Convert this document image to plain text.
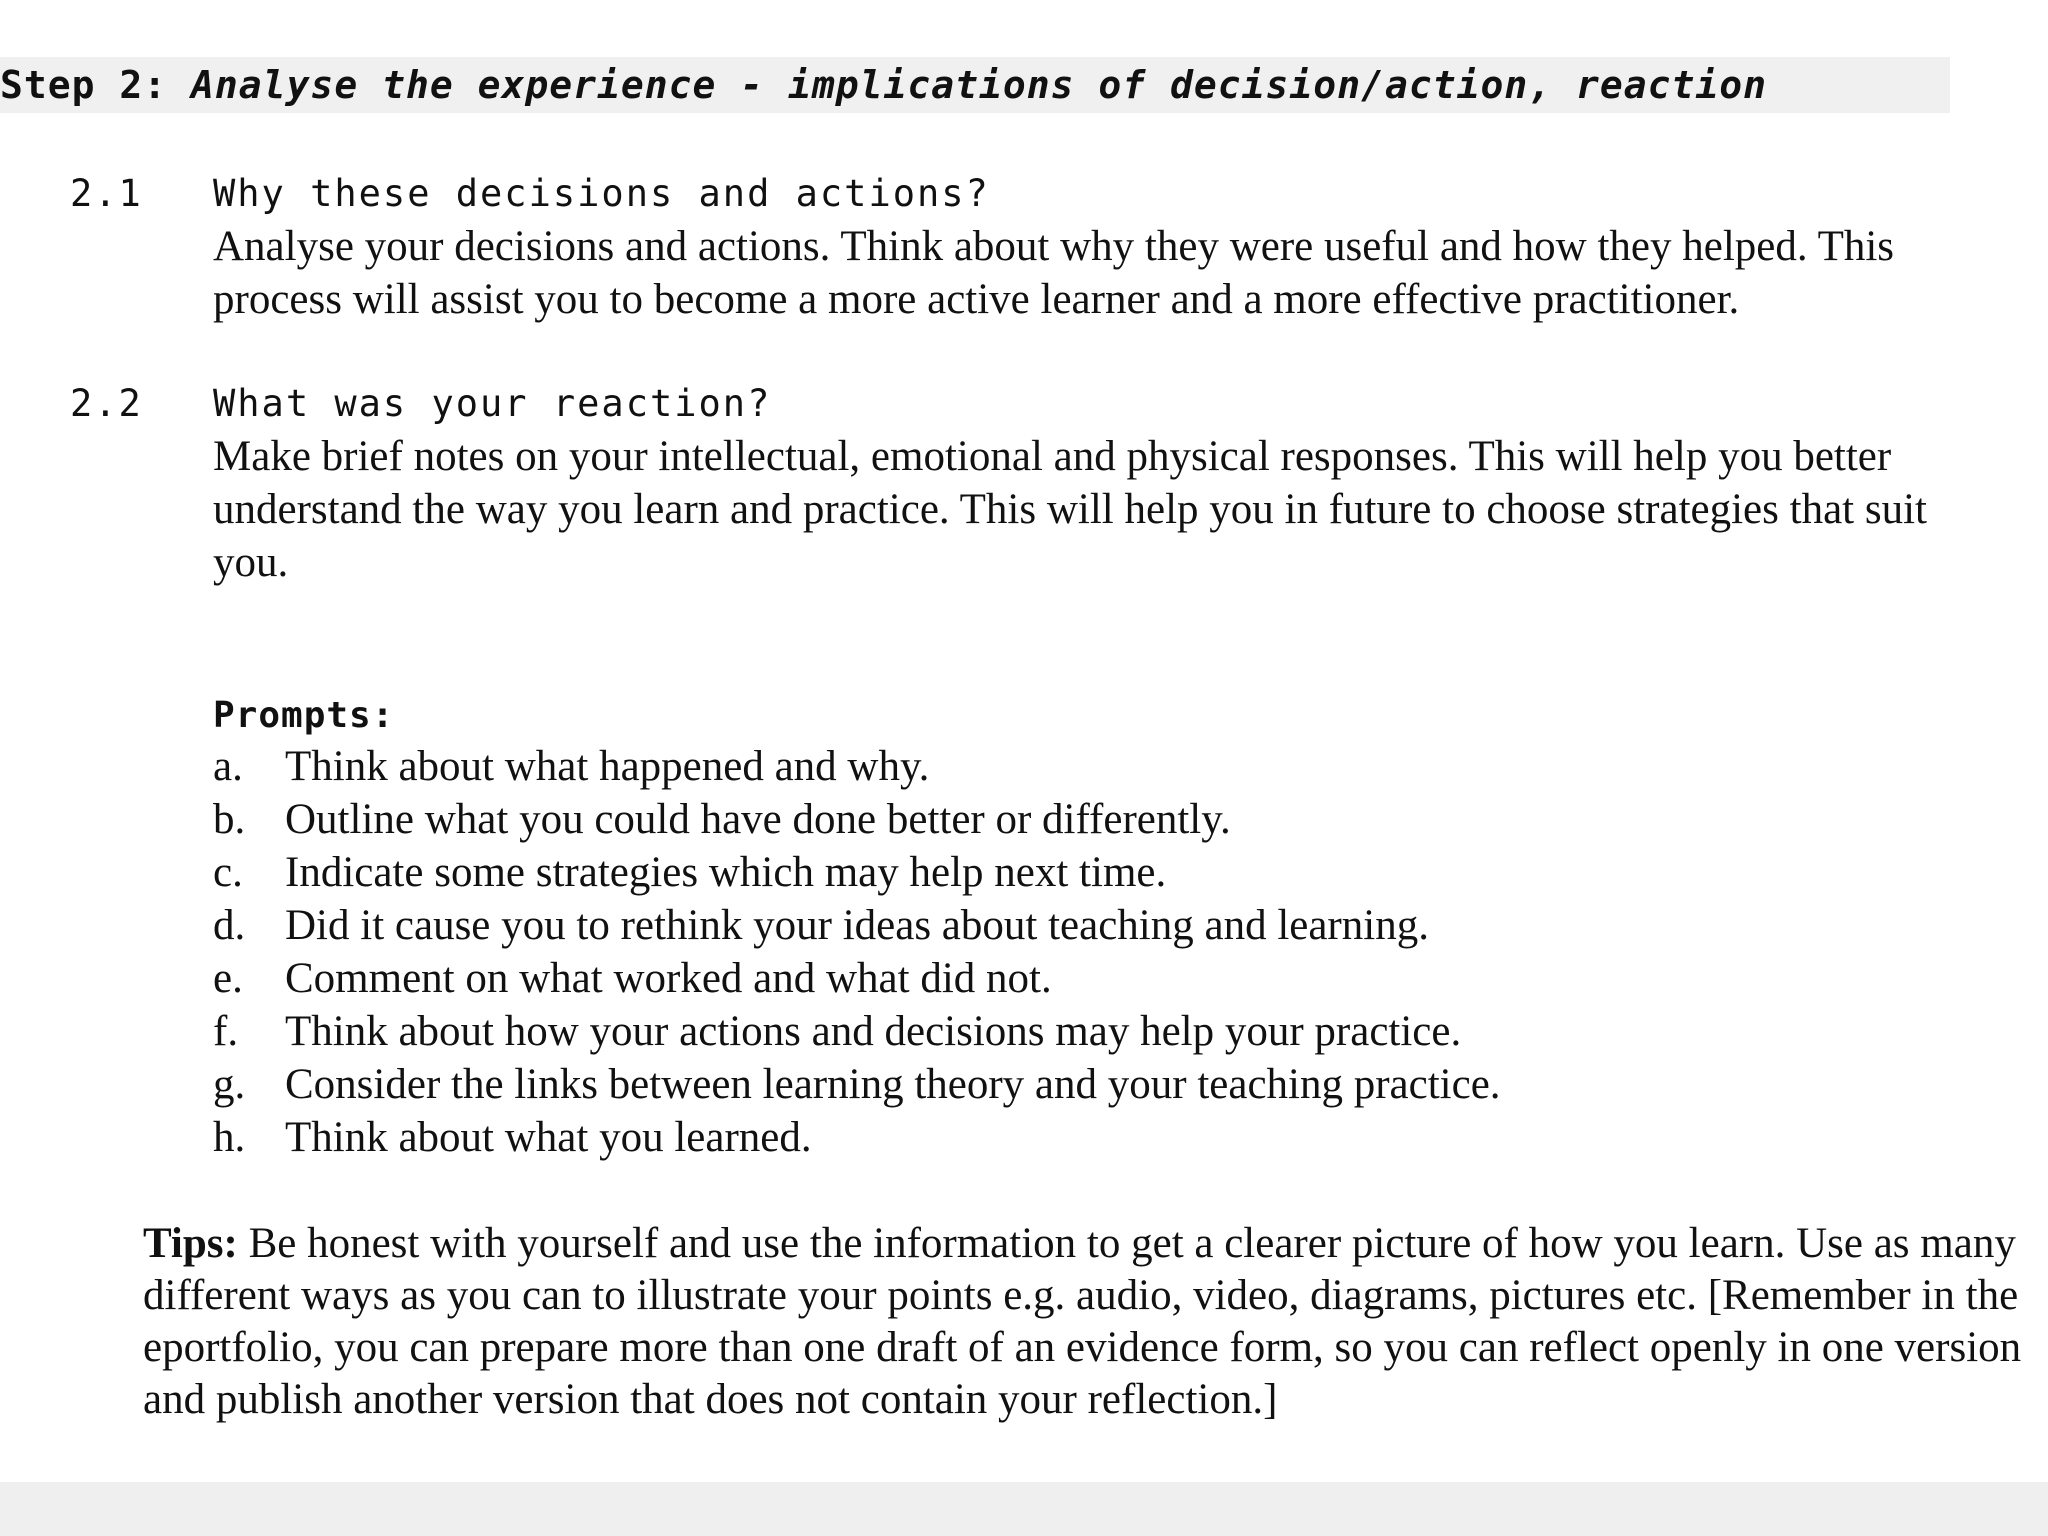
Step 2: Analyse the experience - implications of decision/action, reaction
2.1 Why these decisions and actions?
Analyse your decisions and actions. Think about why they were useful and how they helped. This process will assist you to become a more active learner and a more effective practitioner.
2.2 What was your reaction?
Make brief notes on your intellectual, emotional and physical responses. This will help you better understand the way you learn and practice. This will help you in future to choose strategies that suit you.
Prompts:
a. Think about what happened and why.
b. Outline what you could have done better or differently.
c. Indicate some strategies which may help next time.
d. Did it cause you to rethink your ideas about teaching and learning.
e. Comment on what worked and what did not.
f. Think about how your actions and decisions may help your practice.
g. Consider the links between learning theory and your teaching practice.
h. Think about what you learned.
Tips: Be honest with yourself and use the information to get a clearer picture of how you learn. Use as many different ways as you can to illustrate your points e.g. audio, video, diagrams, pictures etc. [Remember in the eportfolio, you can prepare more than one draft of an evidence form, so you can reflect openly in one version and publish another version that does not contain your reflection.]
